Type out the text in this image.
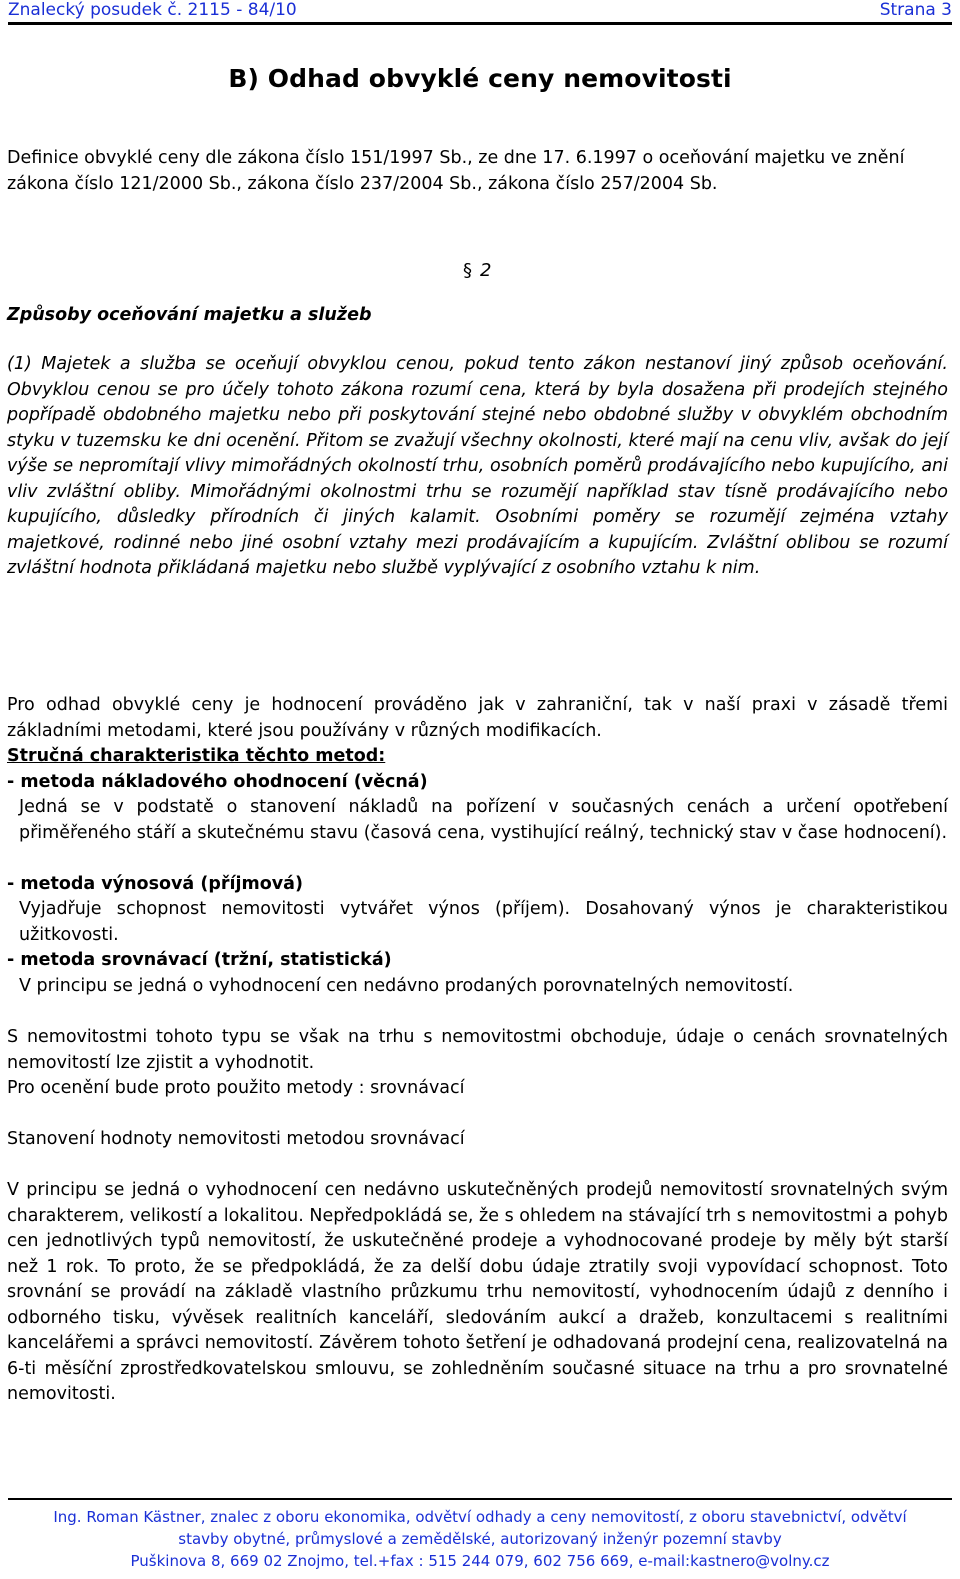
Znalecký posudek č. 2115 - 84/10	Strana 3
B) Odhad obvyklé ceny nemovitosti

Definice obvyklé ceny dle zákona číslo 151/1997 Sb., ze dne 17. 6.1997 o oceňování majetku ve znění zákona číslo 121/2000 Sb., zákona číslo 237/2004 Sb., zákona číslo 257/2004 Sb.

§ 2
Způsoby oceňování majetku a služeb

(1) Majetek a služba se oceňují obvyklou cenou, pokud tento zákon nestanoví jiný způsob oceňování. Obvyklou cenou se pro účely tohoto zákona rozumí cena, která by byla dosažena při prodejích stejného popřípadě obdobného majetku nebo při poskytování stejné nebo obdobné služby v obvyklém obchodním styku v tuzemsku ke dni ocenění. Přitom se zvažují všechny okolnosti, které mají na cenu vliv, avšak do její výše se nepromítají vlivy mimořádných okolností trhu, osobních poměrů prodávajícího nebo kupujícího, ani vliv zvláštní obliby. Mimořádnými okolnostmi trhu se rozumějí například stav tísně prodávajícího nebo kupujícího, důsledky přírodních či jiných kalamit. Osobními poměry se rozumějí zejména vztahy majetkové, rodinné nebo jiné osobní vztahy mezi prodávajícím a kupujícím. Zvláštní oblibou se rozumí zvláštní hodnota přikládaná majetku nebo službě vyplývající z osobního vztahu k nim.

Pro odhad obvyklé ceny je hodnocení prováděno jak v zahraniční, tak v naší praxi v zásadě třemi základními metodami, které jsou používány v různých modifikacích.

Stručná charakteristika těchto metod:

- metoda nákladového ohodnocení (věcná)

Jedná se v podstatě o stanovení nákladů na pořízení v současných cenách a určení opotřebení přiměřeného stáří a skutečnému stavu (časová cena, vystihující reálný, technický stav v čase hodnocení).

- metoda výnosová (příjmová)

Vyjadřuje schopnost nemovitosti vytvářet výnos (příjem). Dosahovaný výnos je charakteristikou užitkovosti.

- metoda srovnávací (tržní, statistická)

V principu se jedná o vyhodnocení cen nedávno prodaných porovnatelných nemovitostí.

S nemovitostmi tohoto typu se však na trhu s nemovitostmi obchoduje, údaje o cenách srovnatelných nemovitostí lze zjistit a vyhodnotit.

Pro ocenění bude proto použito metody : srovnávací

Stanovení hodnoty nemovitosti metodou srovnávací

V principu se jedná o vyhodnocení cen nedávno uskutečněných prodejů nemovitostí srovnatelných svým charakterem, velikostí a lokalitou. Nepředpokládá se, že s ohledem na stávající trh s nemovitostmi a pohyb cen jednotlivých typů nemovitostí, že uskutečněné prodeje a vyhodnocované prodeje by měly být starší než 1 rok. To proto, že se předpokládá, že za delší dobu údaje ztratily svoji vypovídací schopnost. Toto srovnání se provádí na základě vlastního průzkumu trhu nemovitostí, vyhodnocením údajů z denního i odborného tisku, vývěsek realitních kanceláří, sledováním aukcí a dražeb, konzultacemi s realitními kancelářemi a správci nemovitostí. Závěrem tohoto šetření je odhadovaná prodejní cena, realizovatelná na 6-ti měsíční zprostředkovatelskou smlouvu, se zohledněním současné situace na trhu a pro srovnatelné nemovitosti.

Ing. Roman Kästner, znalec z oboru ekonomika, odvětví odhady a ceny nemovitostí, z oboru stavebnictví, odvětví
stavby obytné, průmyslové a zemědělské, autorizovaný inženýr pozemní stavby
Puškinova 8, 669 02 Znojmo, tel.+fax : 515 244 079, 602 756 669, e-mail:kastnero@volny.cz
